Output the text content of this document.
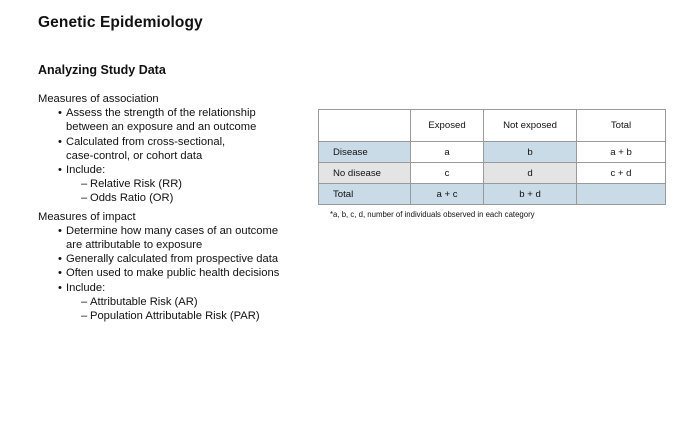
Genetic Epidemiology
Analyzing Study Data

Measures of association

• Assess the strength of the relationship
between an exposure and an outcome

• Calculated from cross-sectional,
case-control, or cohort data

• Include:

– Relative Risk (RR)

– Odds Ratio (OR)

Measures of impact

• Determine how many cases of an outcome
are attributable to exposure

• Generally calculated from prospective data

• Often used to make public health decisions

• Include:

– Attributable Risk (AR)

– Population Attributable Risk (PAR)

	Exposed	Not exposed	Total
Disease	a	b	a + b
No disease	c	d	c + d
Total	a + c	b + d	
*a, b, c, d, number of individuals observed in each category
